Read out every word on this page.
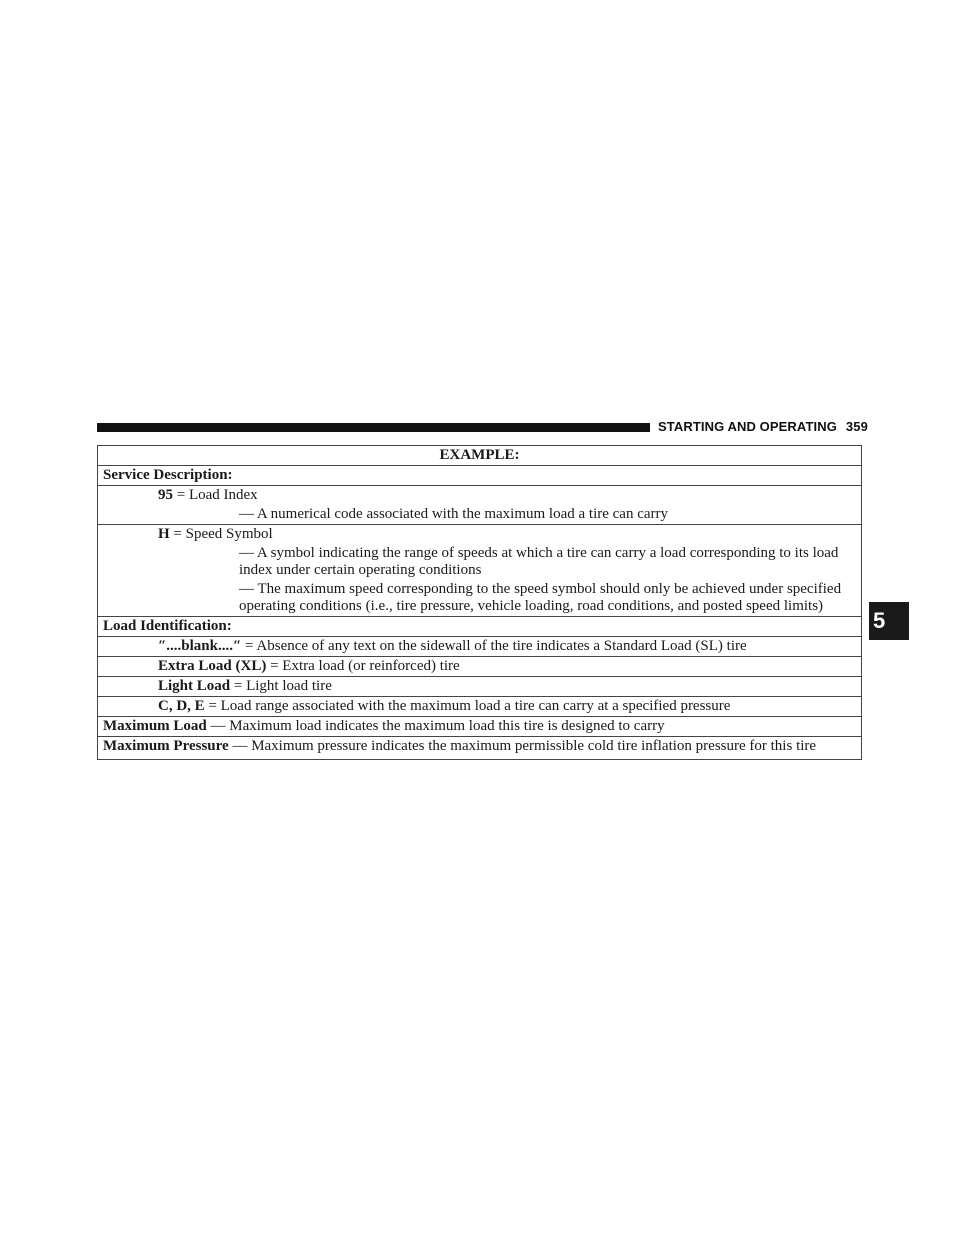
STARTING AND OPERATING 359
5
EXAMPLE:
Service Description:
95 = Load Index
— A numerical code associated with the maximum load a tire can carry
H = Speed Symbol
— A symbol indicating the range of speeds at which a tire can carry a load corresponding to its load index under certain operating conditions
— The maximum speed corresponding to the speed symbol should only be achieved under specified operating conditions (i.e., tire pressure, vehicle loading, road conditions, and posted speed limits)
Load Identification:
″....blank....″ = Absence of any text on the sidewall of the tire indicates a Standard Load (SL) tire
Extra Load (XL) = Extra load (or reinforced) tire
Light Load = Light load tire
C, D, E = Load range associated with the maximum load a tire can carry at a specified pressure
Maximum Load — Maximum load indicates the maximum load this tire is designed to carry
Maximum Pressure — Maximum pressure indicates the maximum permissible cold tire inflation pressure for this tire
